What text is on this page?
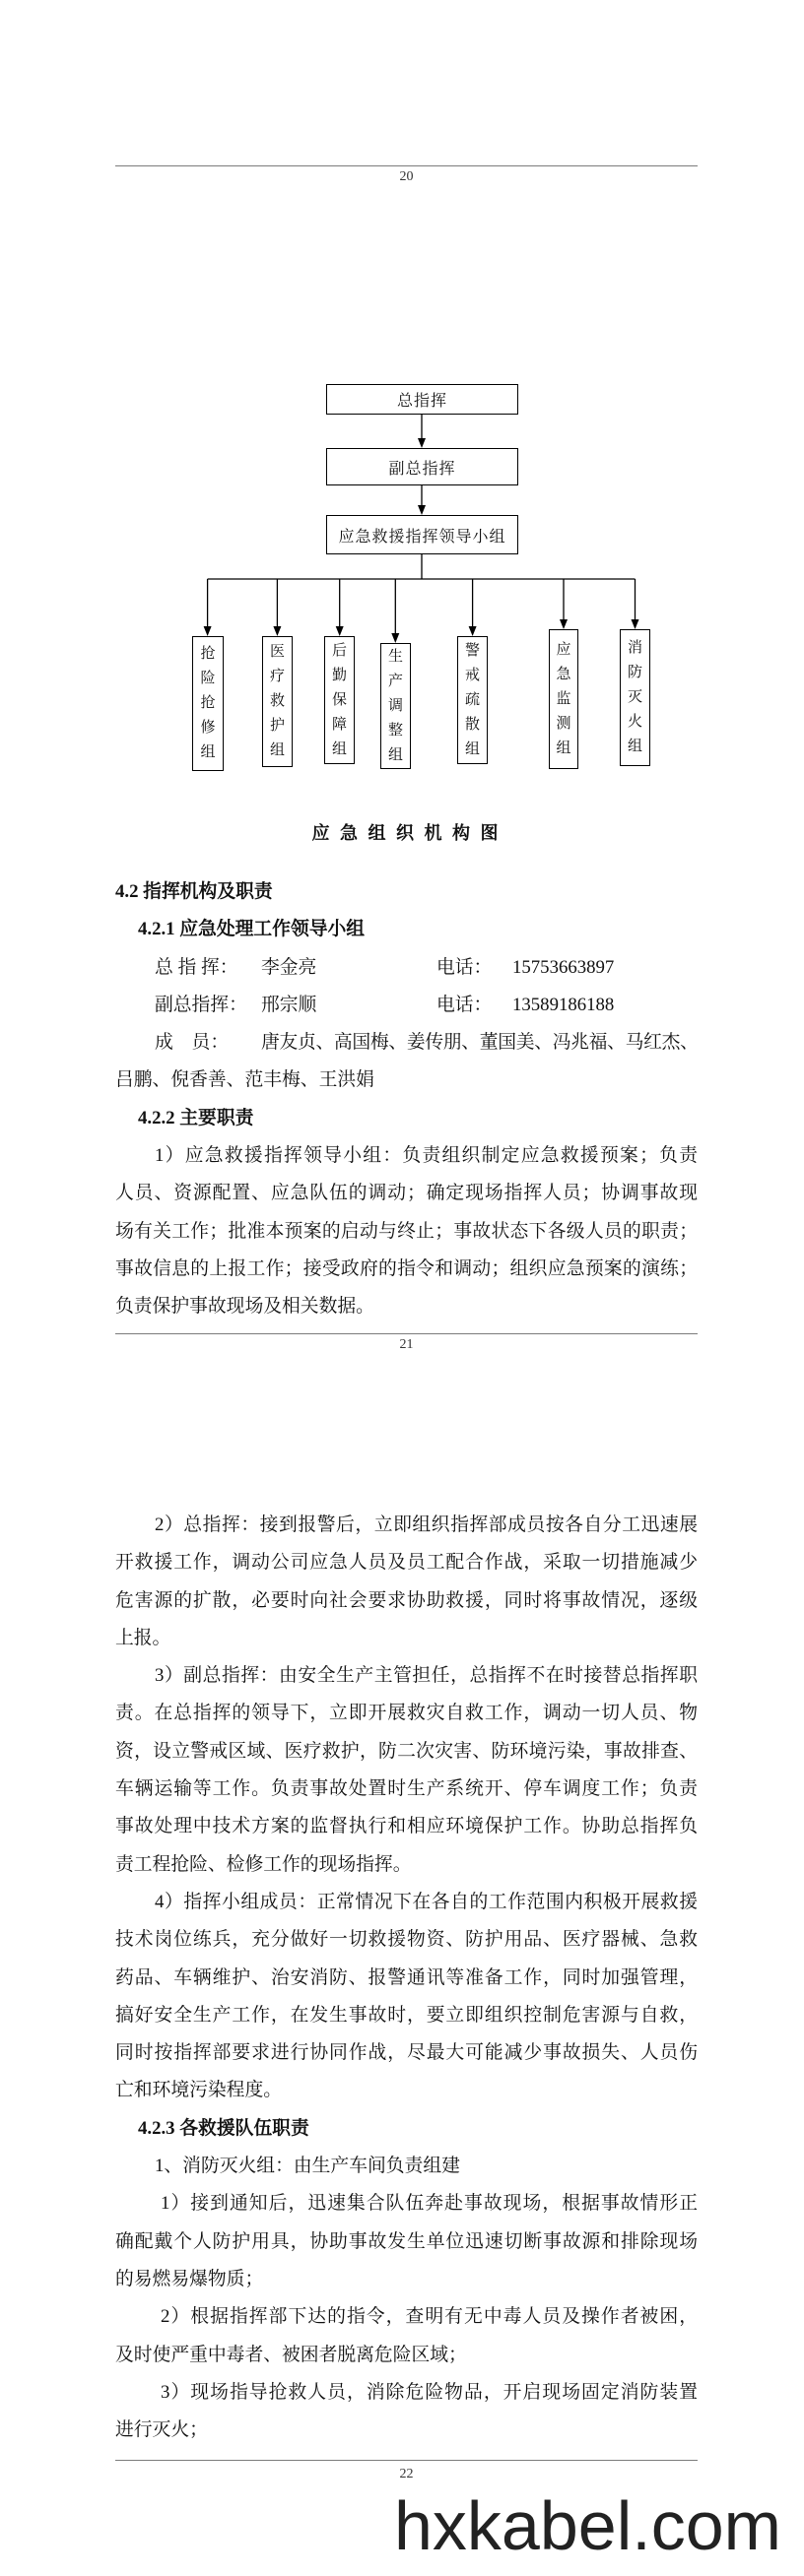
20
总指挥
副总指挥
应急救援指挥领导小组
抢险抢修组
医疗救护组
后勤保障组
生产调整组
警戒疏散组
应急监测组
消防灭火组
应 急 组 织 机 构 图
4.2 指挥机构及职责
4.2.1 应急处理工作领导小组
总 指 挥： 李金亮	电话： 15753663897
副总指挥： 邢宗顺	电话： 13589186188
成    员： 唐友贞、高国梅、姜传朋、董国美、冯兆福、马红杰、
吕鹏、倪香善、范丰梅、王洪娟
4.2.2 主要职责
1）应急救援指挥领导小组：负责组织制定应急救援预案；负责
人员、资源配置、应急队伍的调动；确定现场指挥人员；协调事故现
场有关工作；批准本预案的启动与终止；事故状态下各级人员的职责；
事故信息的上报工作；接受政府的指令和调动；组织应急预案的演练；
负责保护事故现场及相关数据。
21
2）总指挥：接到报警后，立即组织指挥部成员按各自分工迅速展
开救援工作，调动公司应急人员及员工配合作战，采取一切措施减少
危害源的扩散，必要时向社会要求协助救援，同时将事故情况，逐级
上报。
3）副总指挥：由安全生产主管担任，总指挥不在时接替总指挥职
责。在总指挥的领导下，立即开展救灾自救工作，调动一切人员、物
资，设立警戒区域、医疗救护，防二次灾害、防环境污染，事故排查、
车辆运输等工作。负责事故处置时生产系统开、停车调度工作；负责
事故处理中技术方案的监督执行和相应环境保护工作。协助总指挥负
责工程抢险、检修工作的现场指挥。
4）指挥小组成员：正常情况下在各自的工作范围内积极开展救援
技术岗位练兵，充分做好一切救援物资、防护用品、医疗器械、急救
药品、车辆维护、治安消防、报警通讯等准备工作，同时加强管理，
搞好安全生产工作，在发生事故时，要立即组织控制危害源与自救，
同时按指挥部要求进行协同作战，尽最大可能减少事故损失、人员伤
亡和环境污染程度。
4.2.3 各救援队伍职责
1、消防灭火组：由生产车间负责组建
1）接到通知后，迅速集合队伍奔赴事故现场，根据事故情形正
确配戴个人防护用具，协助事故发生单位迅速切断事故源和排除现场
的易燃易爆物质；
2）根据指挥部下达的指令，查明有无中毒人员及操作者被困，
及时使严重中毒者、被困者脱离危险区域；
3）现场指导抢救人员，消除危险物品，开启现场固定消防装置
进行灭火；
22
hxkabel.com
